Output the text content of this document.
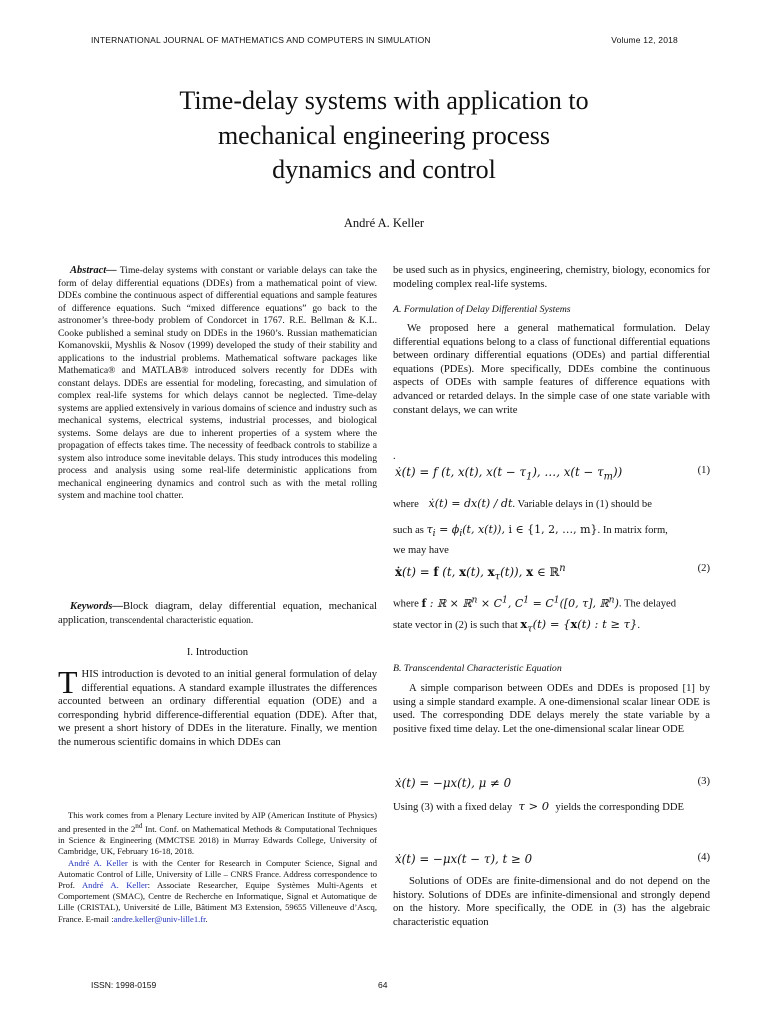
INTERNATIONAL JOURNAL OF MATHEMATICS AND COMPUTERS IN SIMULATION	Volume 12, 2018
Time-delay systems with application to
mechanical engineering process
dynamics and control
André A. Keller
Abstract— Time-delay systems with constant or variable delays can take the form of delay differential equations (DDEs) from a mathematical point of view. DDEs combine the continuous aspect of differential equations and sample features of difference equations. Such “mixed difference equations” go back to the astronomer’s three-body problem of Condorcet in 1767. R.E. Bellman & K.L. Cooke published a seminal study on DDEs in the 1960’s. Russian mathematician Komanovskii, Myshlis & Nosov (1999) developed the study of their stability and applications to the industrial problems. Mathematical software packages like Mathematica® and MATLAB® introduced solvers recently for DDEs with constant delays. DDEs are essential for modeling, forecasting, and simulation of complex real-life systems for which delays cannot be neglected. Time-delay systems are applied extensively in various domains of science and industry such as mechanical systems, electrical systems, industrial processes, and biological systems. Some delays are due to inherent properties of a system where the propagation of effects takes time. The necessity of feedback controls to stabilize a system also introduce some inevitable delays. This study introduces this modeling process and analysis using some real-life deterministic applications from mechanical engineering dynamics and control such as with the metal rolling system and machine tool chatter.
Keywords—Block diagram, delay differential equation, mechanical application, transcendental characteristic equation.
I. Introduction
THIS introduction is devoted to an initial general formulation of delay differential equations. A standard example illustrates the differences accounted between an ordinary differential equation (ODE) and a corresponding hybrid difference-differential equation (DDE). After that, we present a short history of DDEs in the literature. Finally, we mention the numerous scientific domains in which DDEs can

This work comes from a Plenary Lecture invited by AIP (American Institute of Physics) and presented in the 2nd Int. Conf. on Mathematical Methods & Computational Techniques in Science & Engineering (MMCTSE 2018) in Murray Edwards College, University of Cambridge, UK, February 16-18, 2018.

André A. Keller is with the Center for Research in Computer Science, Signal and Automatic Control of Lille, University of Lille – CNRS France. Address correspondence to Prof. André A. Keller: Associate Researcher, Equipe Systèmes Multi-Agents et Comportement (SMAC), Centre de Recherche en Informatique, Signal et Automatique de Lille (CRISTAL), Université de Lille, Bâtiment M3 Extension, 59655 Villeneuve d’Ascq, France. E-mail :andre.keller@univ-lille1.fr.

be used such as in physics, engineering, chemistry, biology, economics for modeling complex real-life systems.
A. Formulation of Delay Differential Systems
We proposed here a general mathematical formulation. Delay differential equations belong to a class of functional differential equations between ordinary differential equations (ODEs) and partial differential equations (PDEs). More specifically, DDEs combine the continuous aspects of ODEs with sample features of difference equations with advanced or retarded delays. In the simple case of one state variable with constant delays, we can write
.
ẋ(t) = f (t, x(t), $x(t - \tau_1)$, …, $x(t - \tau_m)$)	(1)
where   ẋ(t) = dx(t) / dt. Variable delays in (1) should be
such as $\tau_i = \phi_i(t$, x(t)), i ∈ {1, 2, …, m}. In matrix form,
we may have
ẋ(t) = f (t, x(t), $x_\tau(t)$), x ∈ ℝ$^n$	(2)
where f : ℝ × ℝ$^n$ × $C^1$, $C^1 = C^1([0$, τ], ℝ$^n$). The delayed
state vector in (2) is such that $x_\tau(t) = \{x(t)$ : t ≥ τ}.
B. Transcendental Characteristic Equation
A simple comparison between ODEs and DDEs is proposed [1] by using a simple standard example. A one-dimensional scalar linear ODE is used. The corresponding DDE delays merely the state variable by a positive fixed time delay. Let the one-dimensional scalar linear ODE
ẋ(t) = −μx(t), μ ≠ 0	(3)
Using (3) with a fixed delay  τ > 0  yields the corresponding DDE
ẋ(t) = −μx(t − τ), t ≥ 0	(4)
Solutions of ODEs are finite-dimensional and do not depend on the history. Solutions of DDEs are infinite-dimensional and strongly depend on the history. More specifically, the ODE in (3) has the algebraic characteristic equation
ISSN: 1998-0159	64
